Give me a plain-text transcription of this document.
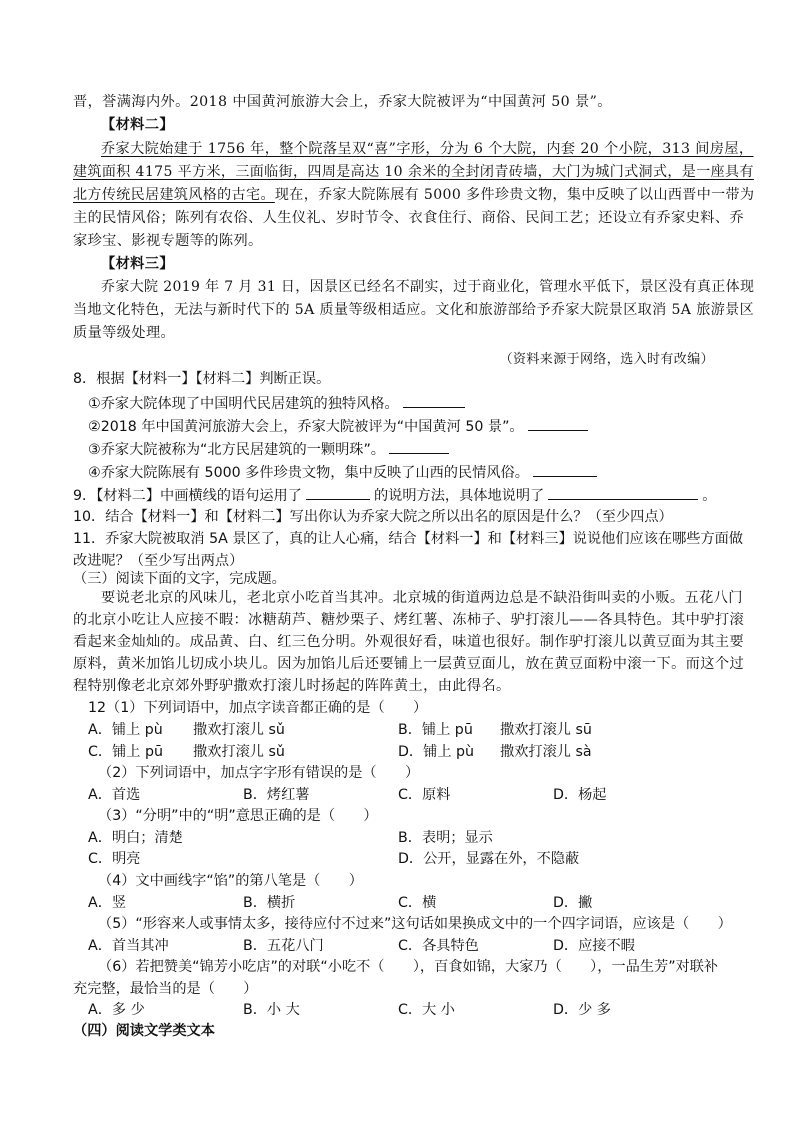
晋，誉满海内外。2018 中国黄河旅游大会上，乔家大院被评为“中国黄河 50 景”。
【材料二】
乔家大院始建于 1756 年，整个院落呈双“喜”字形，分为 6 个大院，内套 20 个小院，313 间房屋，
建筑面积 4175 平方米，三面临街，四周是高达 10 余米的全封闭青砖墙，大门为城门式洞式，是一座具有
北方传统民居建筑风格的古宅。现在，乔家大院陈展有 5000 多件珍贵文物，集中反映了以山西晋中一带为
主的民情风俗；陈列有农俗、人生仪礼、岁时节令、衣食住行、商俗、民间工艺；还设立有乔家史料、乔
家珍宝、影视专题等的陈列。
【材料三】
乔家大院 2019 年 7 月 31 日，因景区已经名不副实，过于商业化，管理水平低下，景区没有真正体现
当地文化特色，无法与新时代下的 5A 质量等级相适应。文化和旅游部给予乔家大院景区取消 5A 旅游景区
质量等级处理。
（资料来源于网络，选入时有改编）
8．根据【材料一】【材料二】判断正误。
①乔家大院体现了中国明代民居建筑的独特风格。
②2018 年中国黄河旅游大会上，乔家大院被评为“中国黄河 50 景”。
③乔家大院被称为“北方民居建筑的一颗明珠”。
④乔家大院陈展有 5000 多件珍贵文物，集中反映了山西的民情风俗。
9．【材料二】中画横线的语句运用了	的说明方法，具体地说明了	。
10．结合【材料一】和【材料二】写出你认为乔家大院之所以出名的原因是什么？（至少四点）
11．乔家大院被取消 5A 景区了，真的让人心痛，结合【材料一】和【材料三】说说他们应该在哪些方面做
改进呢？（至少写出两点）
（三）阅读下面的文字，完成题。
要说老北京的风味儿，老北京小吃首当其冲。北京城的街道两边总是不缺沿街叫卖的小贩。五花八门
的北京小吃让人应接不暇：冰糖葫芦、糖炒栗子、烤红薯、冻柿子、驴打滚儿——各具特色。其中驴打滚
看起来金灿灿的。成品黄、白、红三色分明。外观很好看，味道也很好。制作驴打滚儿以黄豆面为其主要
原料，黄米加馅儿切成小块儿。因为加馅儿后还要铺上一层黄豆面儿，放在黄豆面粉中滚一下。而这个过
程特别像老北京郊外野驴撒欢打滚儿时扬起的阵阵黄土，由此得名。
12（1）下列词语中，加点字读音都正确的是（　　）
A．铺上 pù 撒欢打滚儿 sǔ	B．铺上 pū 撒欢打滚儿 sū
C．铺上 pū 撒欢打滚儿 sǔ	D．铺上 pù 撒欢打滚儿 sà
（2）下列词语中，加点字字形有错误的是（　　）
A．首选	B．烤红薯	C．原料	D．杨起
（3）“分明”中的“明”意思正确的是（　　）
A．明白；清楚	B．表明；显示
C．明亮	D．公开，显露在外，不隐蔽
（4）文中画线字“馅”的第八笔是（　　）
A．竖	B．横折	C．横	D．撇
（5）“形容来人或事情太多，接待应付不过来”这句话如果换成文中的一个四字词语，应该是（　　）
A．首当其冲	B．五花八门	C．各具特色	D．应接不暇
（6）若把赞美“锦芳小吃店”的对联“小吃不（　　），百食如锦，大家乃（　　），一品生芳”对联补
充完整，最恰当的是（　　）
A．多 少	B．小 大	C．大 小	D．少 多
（四）阅读文学类文本
